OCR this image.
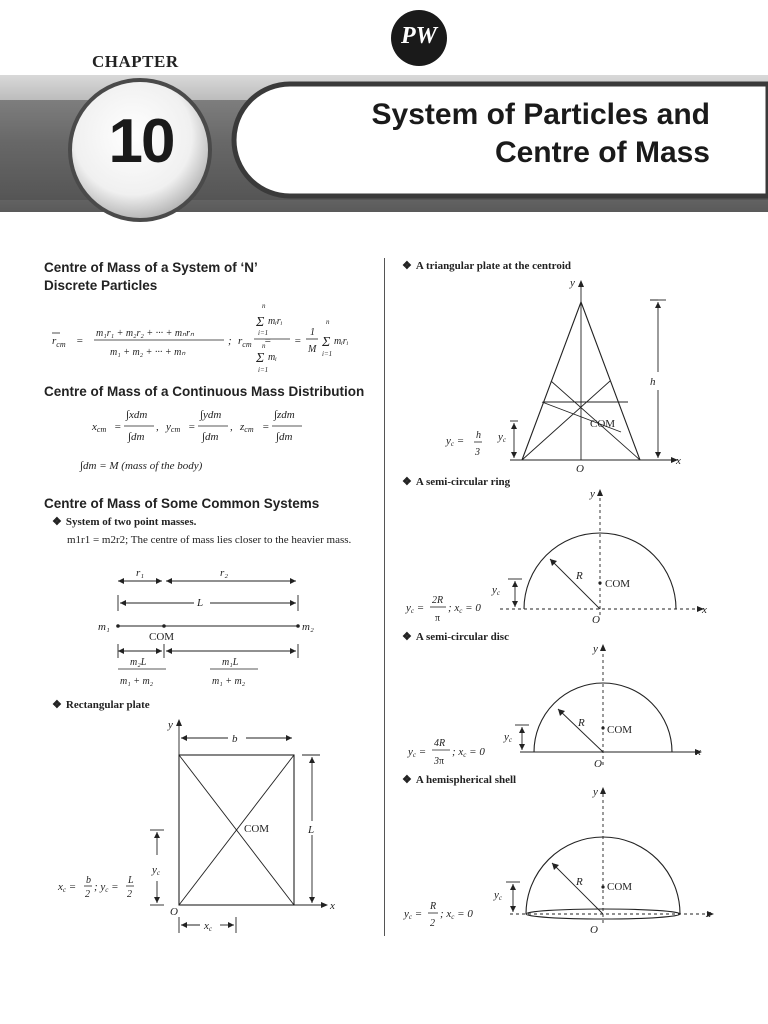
CHAPTER
10	System of Particles and
Centre of Mass
PW
Centre of Mass of a System of ‘N’
Discrete Particles
$r_{cm}$ =
m₁r₁ + m₂r₂ + ··· + mₙrₙ
m₁ + m₂ + ··· + mₙ
; $r_{cm}$ =
n
Σ mᵢrᵢ
i=1
n
Σ mᵢ
i=1
=
1
M
n
Σ
i=1
mᵢrᵢ
Centre of Mass of a Continuous Mass Distribution
xcm =
∫xdm
∫dm
, ycm =
∫ydm
∫dm
, zcm =
∫zdm
∫dm
∫dm = M (mass of the body)
Centre of Mass of Some Common Systems
❖ System of two point masses.
m1r1 = m2r2; The centre of mass lies closer to the heavier mass.
r₁	r₂
L
m₁	m₂
COM
m₂L
m₁ + m₂
m₁L
m₁ + m₂
❖ Rectangular plate
y
x
b
L
O
COM
yc
xc
xc =
b
2
; yc =
L
2
❖ A triangular plate at the centroid
y
x
h
O
COM
yc
yc = h
3
❖ A semi-circular ring
y
x
R
O
COM
yc
yc =
2R
π
; xc = 0
❖ A semi-circular disc
y
x
R
O
COM
yc
yc =
4R
3π
; xc = 0
❖ A hemispherical shell
y
x
R
O
COM
yc
yc =
R
2
; xc = 0
